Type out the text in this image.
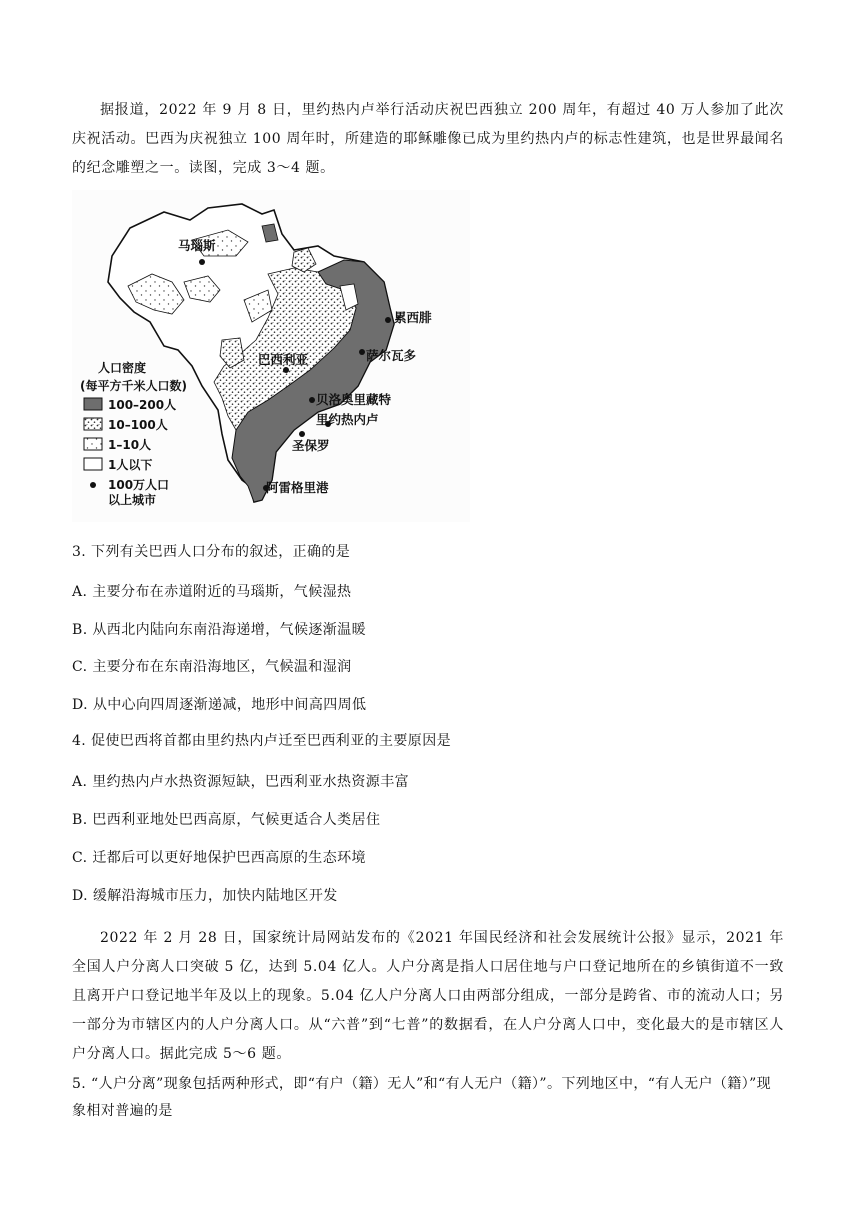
据报道，2022 年 9 月 8 日，里约热内卢举行活动庆祝巴西独立 200 周年，有超过 40 万人参加了此次庆祝活动。巴西为庆祝独立 100 周年时，所建造的耶稣雕像已成为里约热内卢的标志性建筑，也是世界最闻名的纪念雕塑之一。读图，完成 3～4 题。

马瑙斯
累西腓
萨尔瓦多
巴西利亚
贝洛奥里藏特
里约热内卢
圣保罗
阿雷格里港
人口密度
(每平方千米人口数)
100–200人
10–100人
1–10人
1人以下
100万人口
以上城市

3. 下列有关巴西人口分布的叙述，正确的是

A. 主要分布在赤道附近的马瑙斯，气候湿热

B. 从西北内陆向东南沿海递增，气候逐渐温暖

C. 主要分布在东南沿海地区，气候温和湿润

D. 从中心向四周逐渐递减，地形中间高四周低

4. 促使巴西将首都由里约热内卢迁至巴西利亚的主要原因是

A. 里约热内卢水热资源短缺，巴西利亚水热资源丰富

B. 巴西利亚地处巴西高原，气候更适合人类居住

C. 迁都后可以更好地保护巴西高原的生态环境

D. 缓解沿海城市压力，加快内陆地区开发

2022 年 2 月 28 日，国家统计局网站发布的《2021 年国民经济和社会发展统计公报》显示，2021 年全国人户分离人口突破 5 亿，达到 5.04 亿人。人户分离是指人口居住地与户口登记地所在的乡镇街道不一致且离开户口登记地半年及以上的现象。5.04 亿人户分离人口由两部分组成，一部分是跨省、市的流动人口；另一部分为市辖区内的人户分离人口。从“六普”到“七普”的数据看，在人户分离人口中，变化最大的是市辖区人户分离人口。据此完成 5～6 题。

5. “人户分离”现象包括两种形式，即“有户（籍）无人”和“有人无户（籍）”。下列地区中，“有人无户（籍）”现象相对普遍的是
